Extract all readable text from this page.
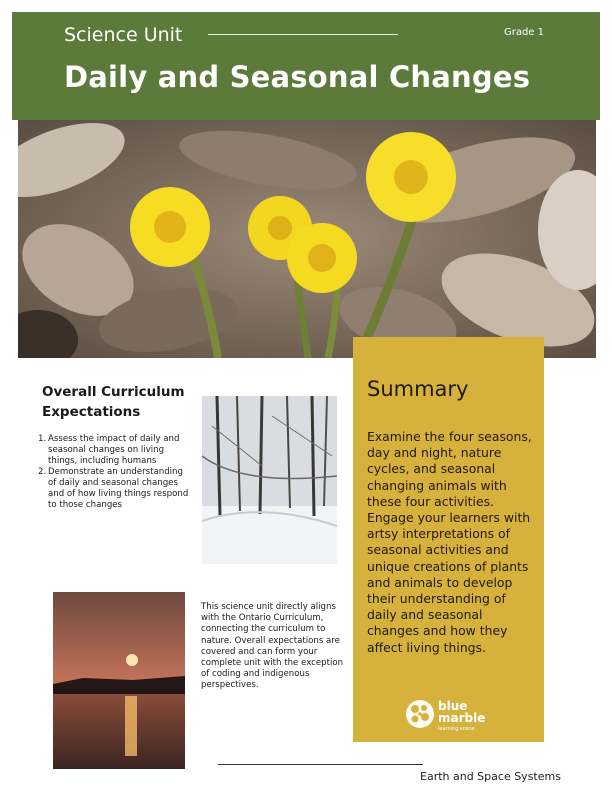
Science Unit	Grade 1
Daily and Seasonal Changes
Overall Curriculum Expectations
1. Assess the impact of daily and seasonal changes on living things, including humans
2. Demonstrate an understanding of daily and seasonal changes and of how living things respond to those changes
This science unit directly aligns with the Ontario Curriculum, connecting the curriculum to nature. Overall expectations are covered and can form your complete unit with the exception of coding and indigenous perspectives.
Summary
Examine the four seasons, day and night, nature cycles, and seasonal changing animals with these four activities. Engage your learners with artsy interpretations of seasonal activities and unique creations of plants and animals to develop their understanding of daily and seasonal changes and how they affect living things.
blue
marble
learning scene
Earth and Space Systems
